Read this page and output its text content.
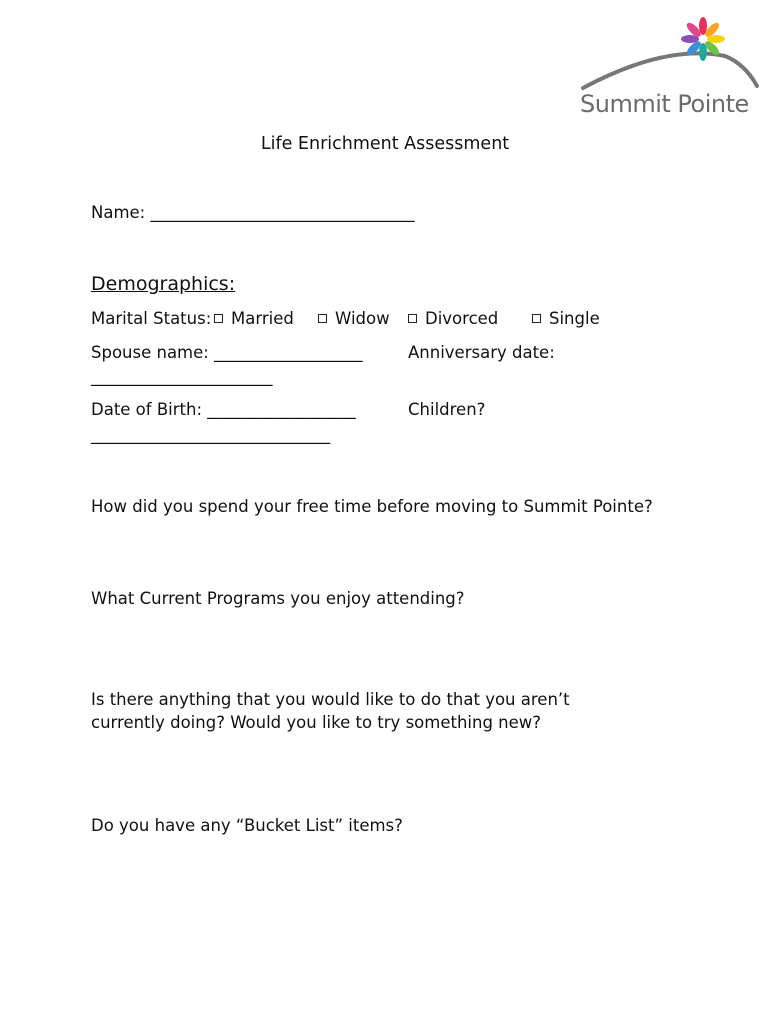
Summit Pointe
Life Enrichment Assessment
Name: ________________________________
Demographics:
Marital Status:	Married	Widow	Divorced	Single
Spouse name: __________________	Anniversary date:
______________________
Date of Birth: __________________	Children?
_____________________________
How did you spend your free time before moving to Summit Pointe?
What Current Programs you enjoy attending?
Is there anything that you would like to do that you aren’t
currently doing? Would you like to try something new?
Do you have any “Bucket List” items?
